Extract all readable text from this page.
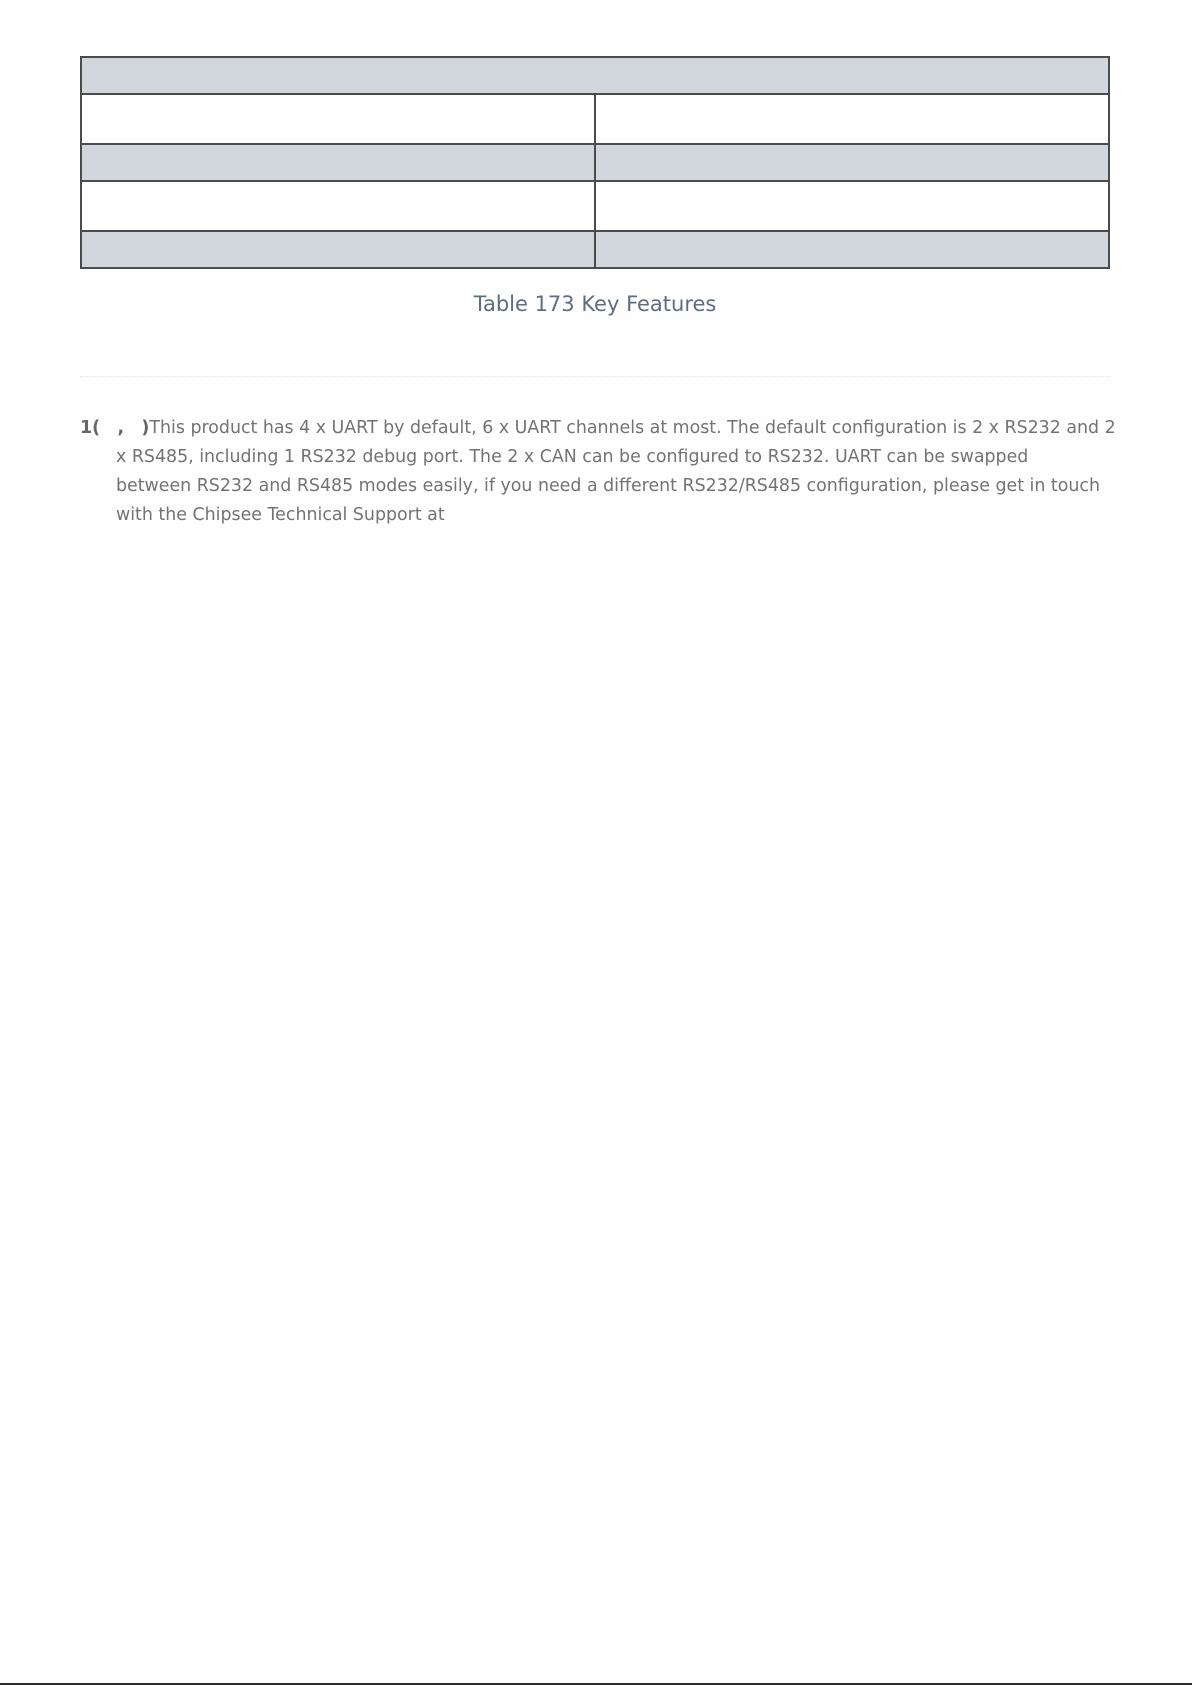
Table 173 Key Features
1(　,　)This product has 4 x UART by default, 6 x UART channels at most. The default configuration is 2 x RS232 and 2
x RS485, including 1 RS232 debug port. The 2 x CAN can be configured to RS232. UART can be swapped
between RS232 and RS485 modes easily, if you need a different RS232/RS485 configuration, please get in touch
with the Chipsee Technical Support at
